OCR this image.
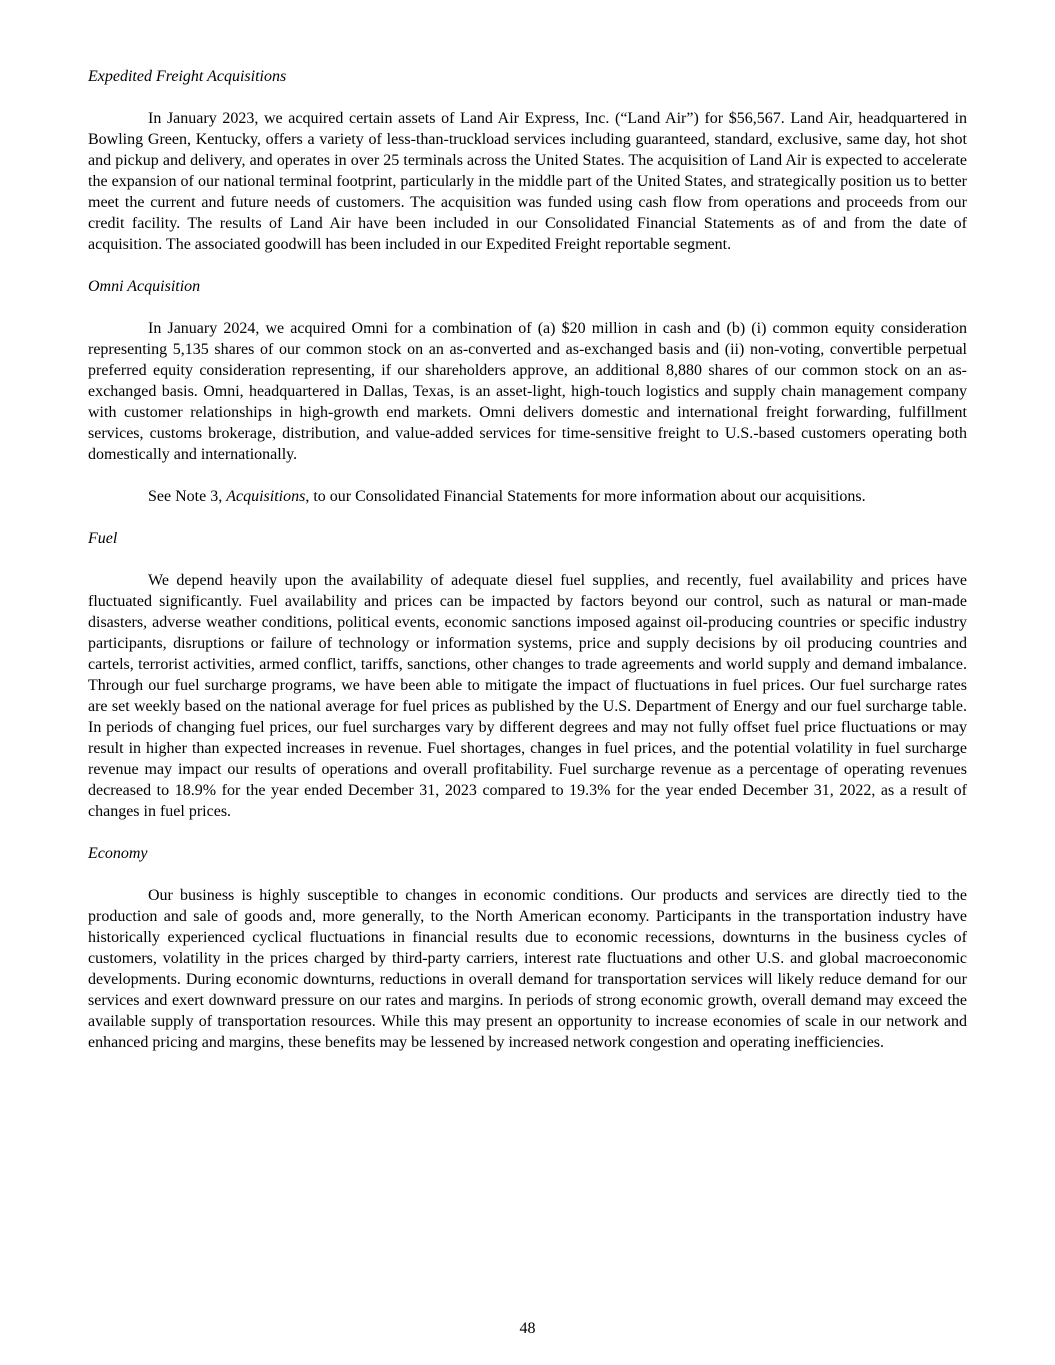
Expedited Freight Acquisitions

In January 2023, we acquired certain assets of Land Air Express, Inc. (“Land Air”) for $56,567. Land Air, headquartered in Bowling Green, Kentucky, offers a variety of less-than-truckload services including guaranteed, standard, exclusive, same day, hot shot and pickup and delivery, and operates in over 25 terminals across the United States. The acquisition of Land Air is expected to accelerate the expansion of our national terminal footprint, particularly in the middle part of the United States, and strategically position us to better meet the current and future needs of customers. The acquisition was funded using cash flow from operations and proceeds from our credit facility. The results of Land Air have been included in our Consolidated Financial Statements as of and from the date of acquisition. The associated goodwill has been included in our Expedited Freight reportable segment.

Omni Acquisition

In January 2024, we acquired Omni for a combination of (a) $20 million in cash and (b) (i) common equity consideration representing 5,135 shares of our common stock on an as-converted and as-exchanged basis and (ii) non-voting, convertible perpetual preferred equity consideration representing, if our shareholders approve, an additional 8,880 shares of our common stock on an as-exchanged basis. Omni, headquartered in Dallas, Texas, is an asset-light, high-touch logistics and supply chain management company with customer relationships in high-growth end markets. Omni delivers domestic and international freight forwarding, fulfillment services, customs brokerage, distribution, and value-added services for time-sensitive freight to U.S.-based customers operating both domestically and internationally.

See Note 3, Acquisitions, to our Consolidated Financial Statements for more information about our acquisitions.

Fuel

We depend heavily upon the availability of adequate diesel fuel supplies, and recently, fuel availability and prices have fluctuated significantly. Fuel availability and prices can be impacted by factors beyond our control, such as natural or man-made disasters, adverse weather conditions, political events, economic sanctions imposed against oil-producing countries or specific industry participants, disruptions or failure of technology or information systems, price and supply decisions by oil producing countries and cartels, terrorist activities, armed conflict, tariffs, sanctions, other changes to trade agreements and world supply and demand imbalance. Through our fuel surcharge programs, we have been able to mitigate the impact of fluctuations in fuel prices. Our fuel surcharge rates are set weekly based on the national average for fuel prices as published by the U.S. Department of Energy and our fuel surcharge table. In periods of changing fuel prices, our fuel surcharges vary by different degrees and may not fully offset fuel price fluctuations or may result in higher than expected increases in revenue. Fuel shortages, changes in fuel prices, and the potential volatility in fuel surcharge revenue may impact our results of operations and overall profitability. Fuel surcharge revenue as a percentage of operating revenues decreased to 18.9% for the year ended December 31, 2023 compared to 19.3% for the year ended December 31, 2022, as a result of changes in fuel prices.

Economy

Our business is highly susceptible to changes in economic conditions. Our products and services are directly tied to the production and sale of goods and, more generally, to the North American economy. Participants in the transportation industry have historically experienced cyclical fluctuations in financial results due to economic recessions, downturns in the business cycles of customers, volatility in the prices charged by third-party carriers, interest rate fluctuations and other U.S. and global macroeconomic developments. During economic downturns, reductions in overall demand for transportation services will likely reduce demand for our services and exert downward pressure on our rates and margins. In periods of strong economic growth, overall demand may exceed the available supply of transportation resources. While this may present an opportunity to increase economies of scale in our network and enhanced pricing and margins, these benefits may be lessened by increased network congestion and operating inefficiencies.

48
